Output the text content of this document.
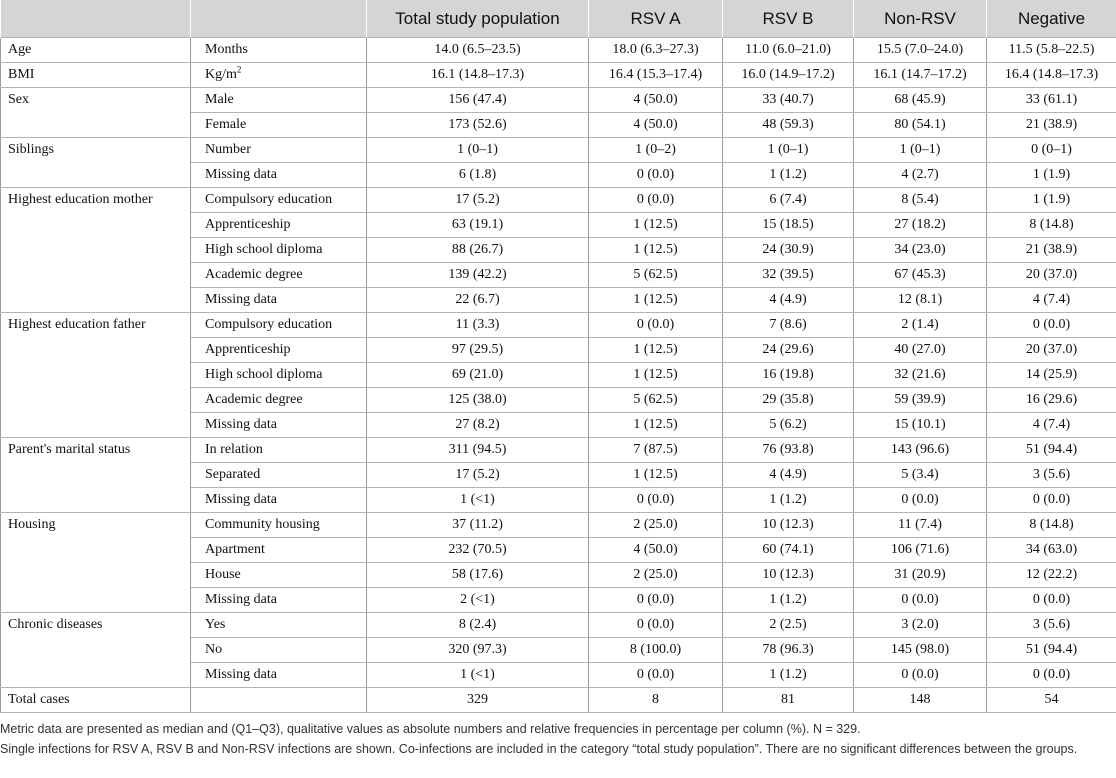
		Total study population	RSV A	RSV B	Non-RSV	Negative
Age	Months	14.0 (6.5–23.5)	18.0 (6.3–27.3)	11.0 (6.0–21.0)	15.5 (7.0–24.0)	11.5 (5.8–22.5)
BMI	$Kg/m^2$	16.1 (14.8–17.3)	16.4 (15.3–17.4)	16.0 (14.9–17.2)	16.1 (14.7–17.2)	16.4 (14.8–17.3)
Sex	Male	156 (47.4)	4 (50.0)	33 (40.7)	68 (45.9)	33 (61.1)
	Female	173 (52.6)	4 (50.0)	48 (59.3)	80 (54.1)	21 (38.9)
Siblings	Number	1 (0–1)	1 (0–2)	1 (0–1)	1 (0–1)	0 (0–1)
	Missing data	6 (1.8)	0 (0.0)	1 (1.2)	4 (2.7)	1 (1.9)
Highest education mother	Compulsory education	17 (5.2)	0 (0.0)	6 (7.4)	8 (5.4)	1 (1.9)
	Apprenticeship	63 (19.1)	1 (12.5)	15 (18.5)	27 (18.2)	8 (14.8)
	High school diploma	88 (26.7)	1 (12.5)	24 (30.9)	34 (23.0)	21 (38.9)
	Academic degree	139 (42.2)	5 (62.5)	32 (39.5)	67 (45.3)	20 (37.0)
	Missing data	22 (6.7)	1 (12.5)	4 (4.9)	12 (8.1)	4 (7.4)
Highest education father	Compulsory education	11 (3.3)	0 (0.0)	7 (8.6)	2 (1.4)	0 (0.0)
	Apprenticeship	97 (29.5)	1 (12.5)	24 (29.6)	40 (27.0)	20 (37.0)
	High school diploma	69 (21.0)	1 (12.5)	16 (19.8)	32 (21.6)	14 (25.9)
	Academic degree	125 (38.0)	5 (62.5)	29 (35.8)	59 (39.9)	16 (29.6)
	Missing data	27 (8.2)	1 (12.5)	5 (6.2)	15 (10.1)	4 (7.4)
Parent's marital status	In relation	311 (94.5)	7 (87.5)	76 (93.8)	143 (96.6)	51 (94.4)
	Separated	17 (5.2)	1 (12.5)	4 (4.9)	5 (3.4)	3 (5.6)
	Missing data	1 (<1)	0 (0.0)	1 (1.2)	0 (0.0)	0 (0.0)
Housing	Community housing	37 (11.2)	2 (25.0)	10 (12.3)	11 (7.4)	8 (14.8)
	Apartment	232 (70.5)	4 (50.0)	60 (74.1)	106 (71.6)	34 (63.0)
	House	58 (17.6)	2 (25.0)	10 (12.3)	31 (20.9)	12 (22.2)
	Missing data	2 (<1)	0 (0.0)	1 (1.2)	0 (0.0)	0 (0.0)
Chronic diseases	Yes	8 (2.4)	0 (0.0)	2 (2.5)	3 (2.0)	3 (5.6)
	No	320 (97.3)	8 (100.0)	78 (96.3)	145 (98.0)	51 (94.4)
	Missing data	1 (<1)	0 (0.0)	1 (1.2)	0 (0.0)	0 (0.0)
Total cases		329	8	81	148	54
Metric data are presented as median and (Q1–Q3), qualitative values as absolute numbers and relative frequencies in percentage per column (%). N = 329.
Single infections for RSV A, RSV B and Non-RSV infections are shown. Co-infections are included in the category “total study population”. There are no significant differences between the groups.
